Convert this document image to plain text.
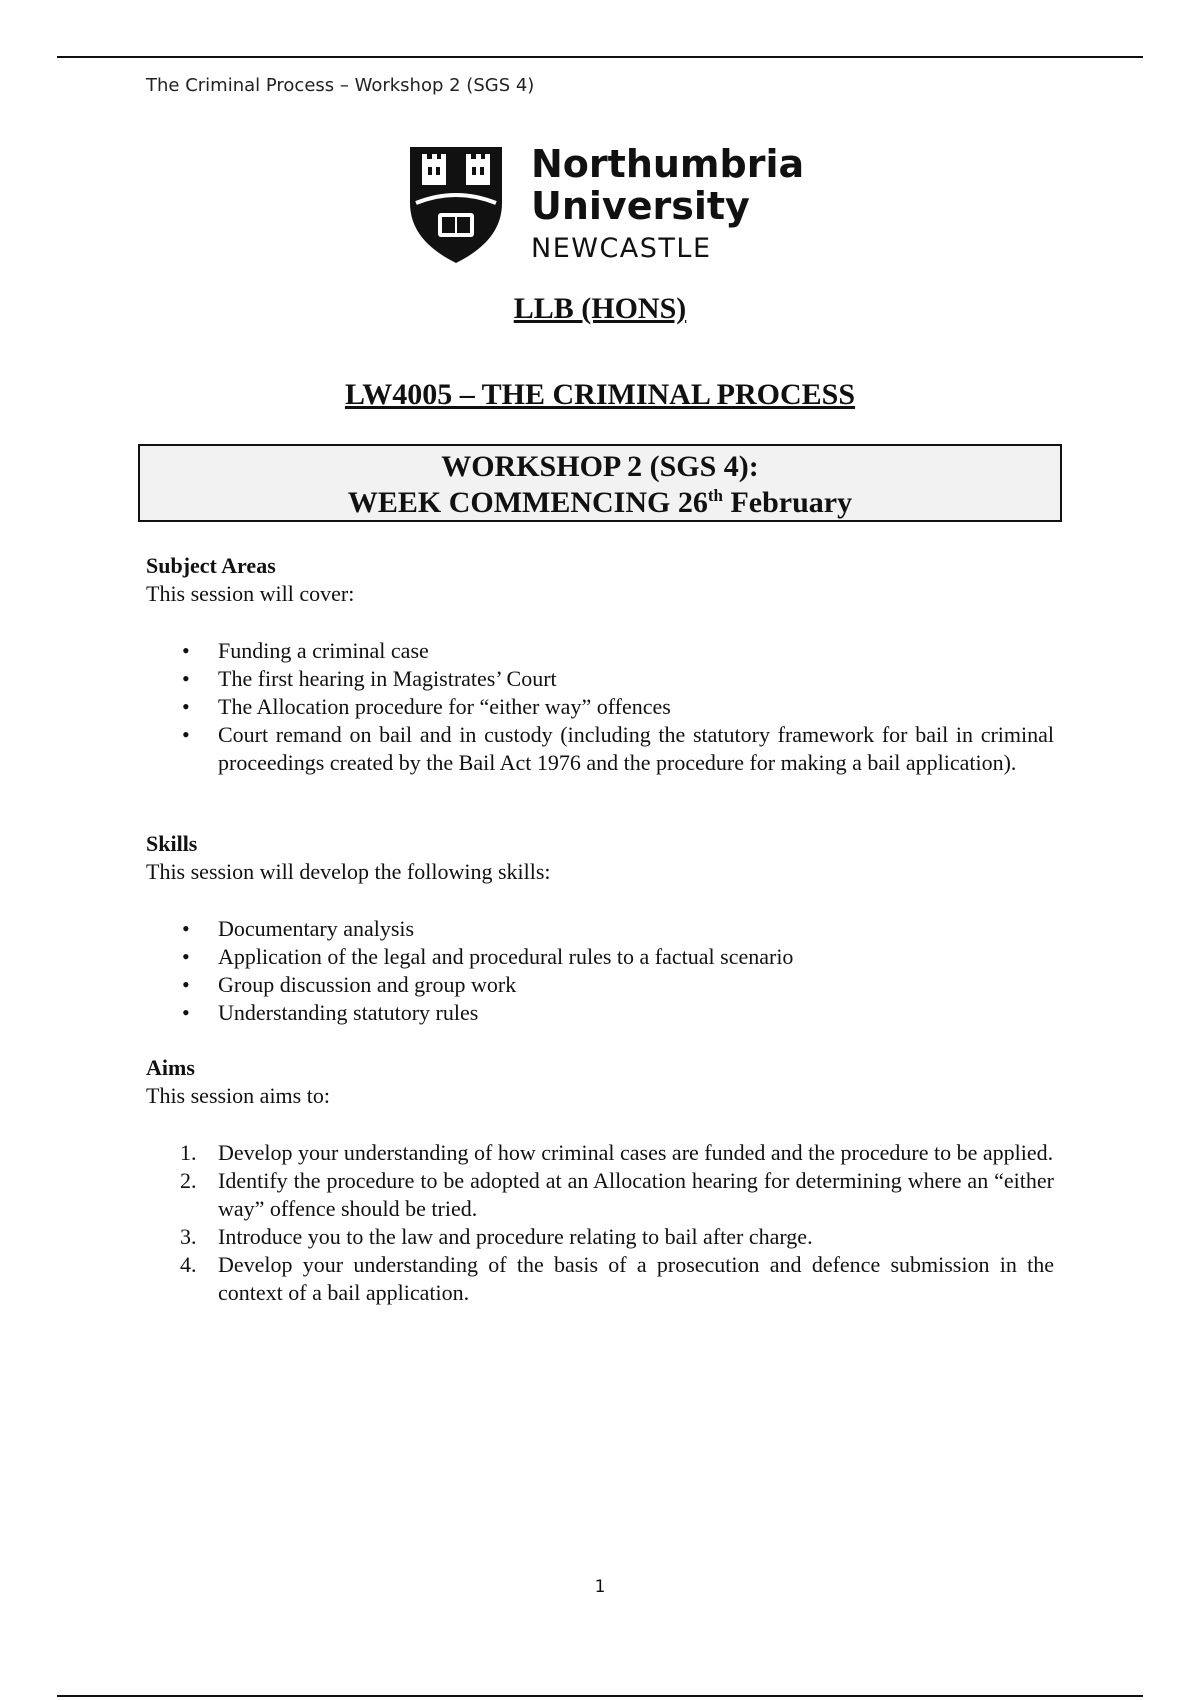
The Criminal Process – Workshop 2 (SGS 4)
Northumbria
University
NEWCASTLE
LLB (HONS)
LW4005 – THE CRIMINAL PROCESS
WORKSHOP 2 (SGS 4):
WEEK COMMENCING 26th February
Subject Areas
This session will cover:
• Funding a criminal case
• The first hearing in Magistrates’ Court
• The Allocation procedure for “either way” offences
• Court remand on bail and in custody (including the statutory framework for bail in criminal proceedings created by the Bail Act 1976 and the procedure for making a bail application).
Skills
This session will develop the following skills:
• Documentary analysis
• Application of the legal and procedural rules to a factual scenario
• Group discussion and group work
• Understanding statutory rules
Aims
This session aims to:
1. Develop your understanding of how criminal cases are funded and the procedure to be applied.
2. Identify the procedure to be adopted at an Allocation hearing for determining where an “either way” offence should be tried.
3. Introduce you to the law and procedure relating to bail after charge.
4. Develop your understanding of the basis of a prosecution and defence submission in the context of a bail application.
1
